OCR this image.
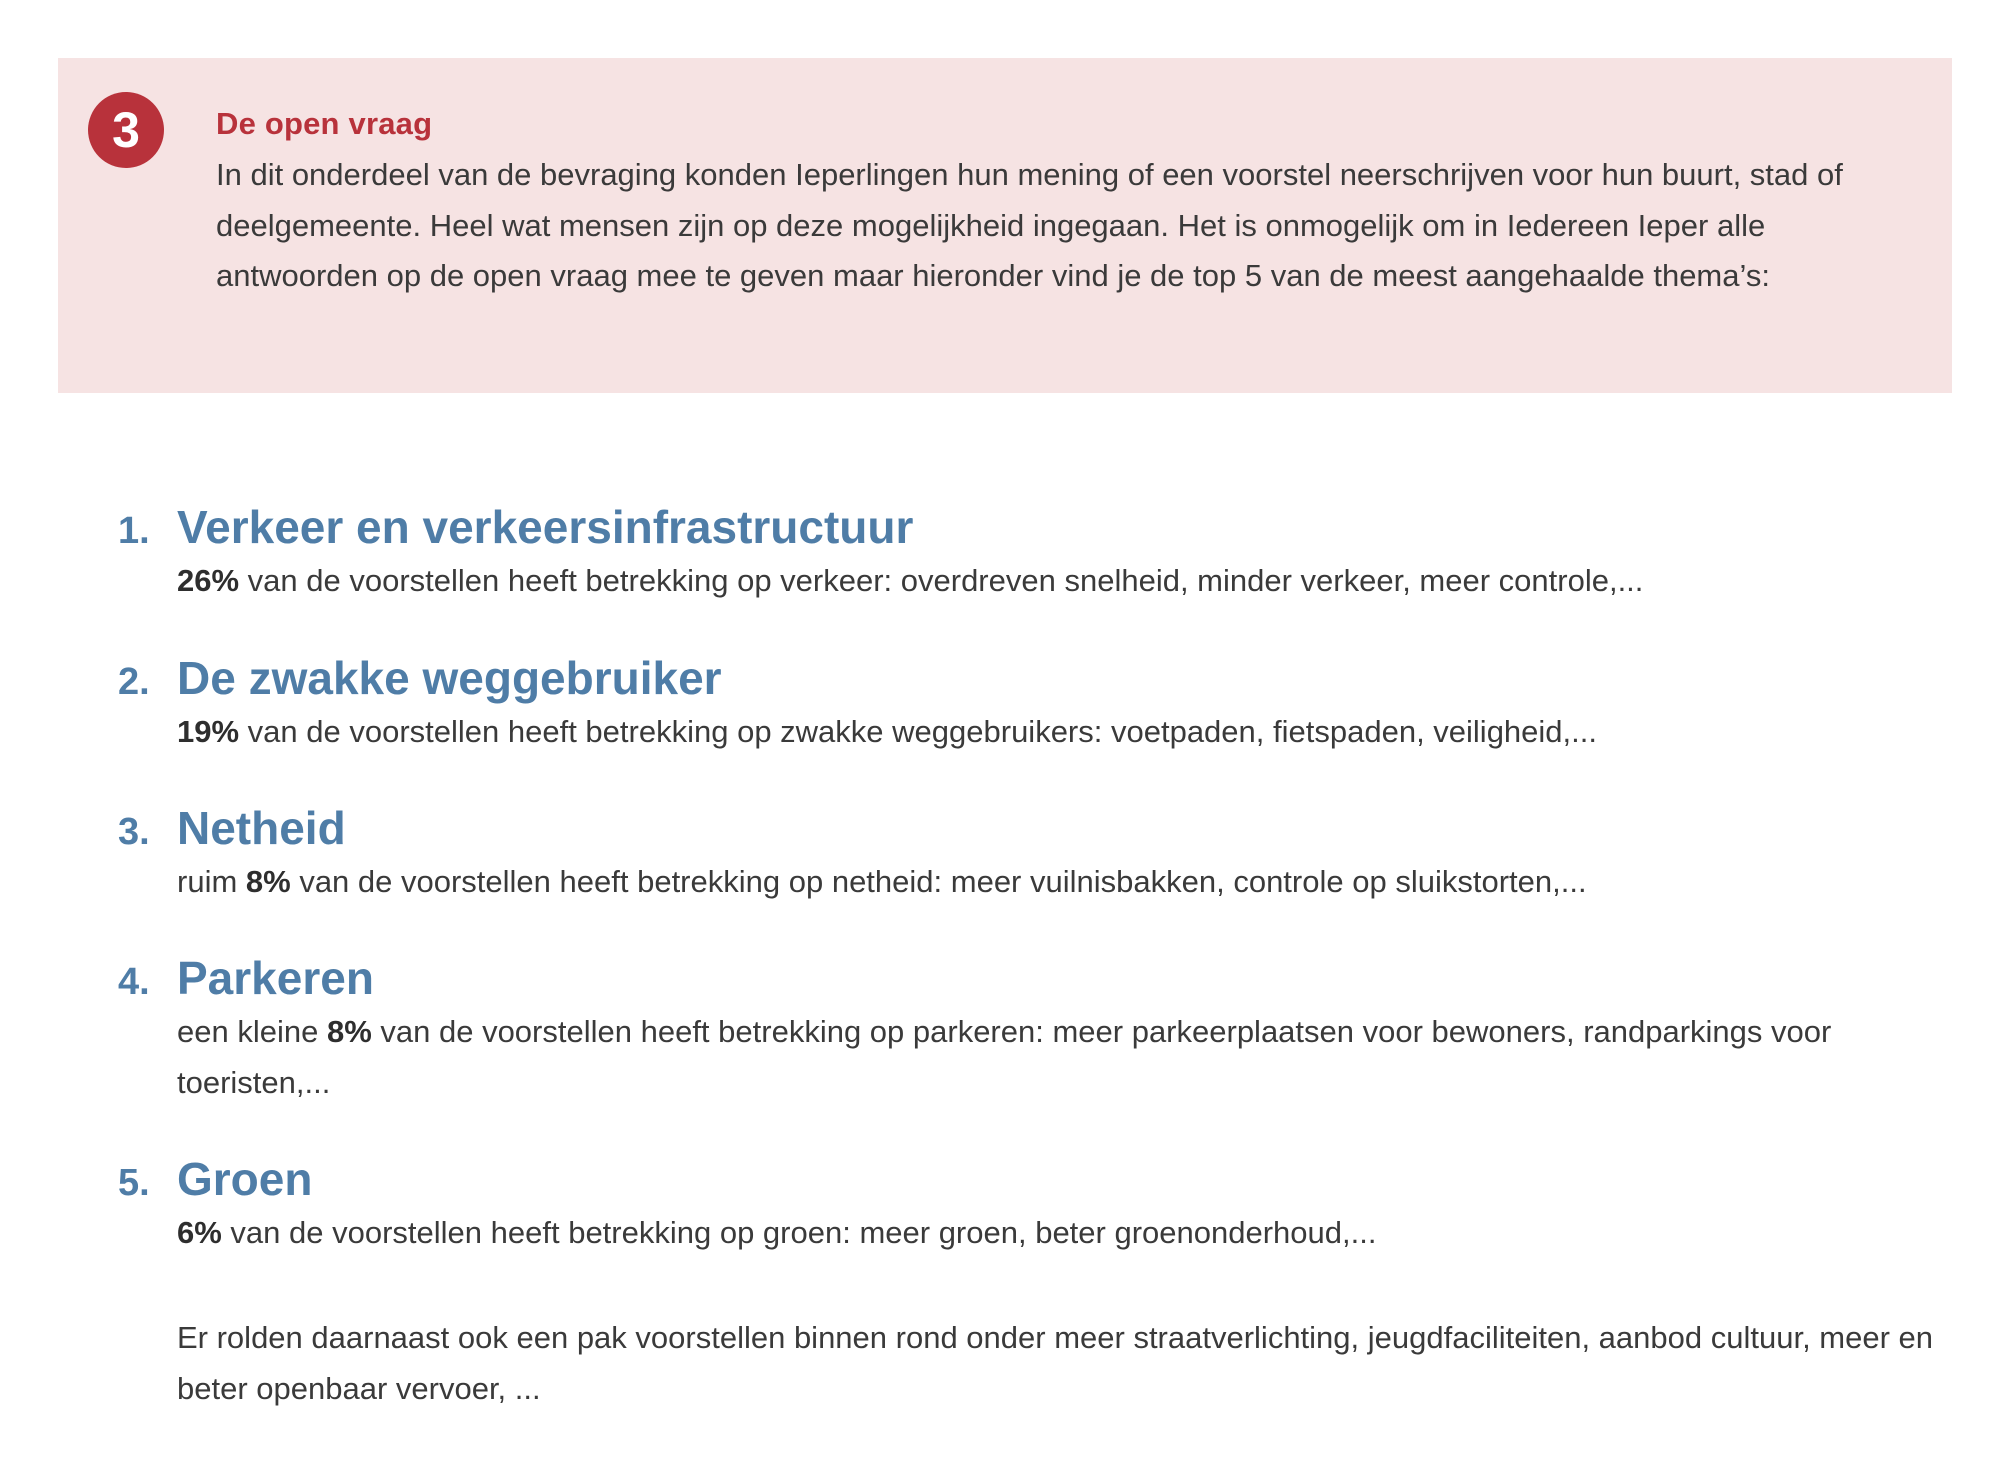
3	De open vraag

In dit onderdeel van de bevraging konden Ieperlingen hun mening of een voorstel neerschrijven voor hun buurt, stad of deelgemeente. Heel wat mensen zijn op deze mogelijkheid ingegaan. Het is onmogelijk om in Iedereen Ieper alle antwoorden op de open vraag mee te geven maar hieronder vind je de top 5 van de meest aangehaalde thema’s:

1. Verkeer en verkeersinfrastructuur

26% van de voorstellen heeft betrekking op verkeer: overdreven snelheid, minder verkeer, meer controle,...

2. De zwakke weggebruiker

19% van de voorstellen heeft betrekking op zwakke weggebruikers: voetpaden, fietspaden, veiligheid,...

3. Netheid

ruim 8% van de voorstellen heeft betrekking op netheid: meer vuilnisbakken, controle op sluikstorten,...

4. Parkeren

een kleine 8% van de voorstellen heeft betrekking op parkeren: meer parkeerplaatsen voor bewoners, randparkings voor toeristen,...

5. Groen

6% van de voorstellen heeft betrekking op groen: meer groen, beter groenonderhoud,...

Er rolden daarnaast ook een pak voorstellen binnen rond onder meer straatverlichting, jeugdfaciliteiten, aanbod cultuur, meer en beter openbaar vervoer, ...
